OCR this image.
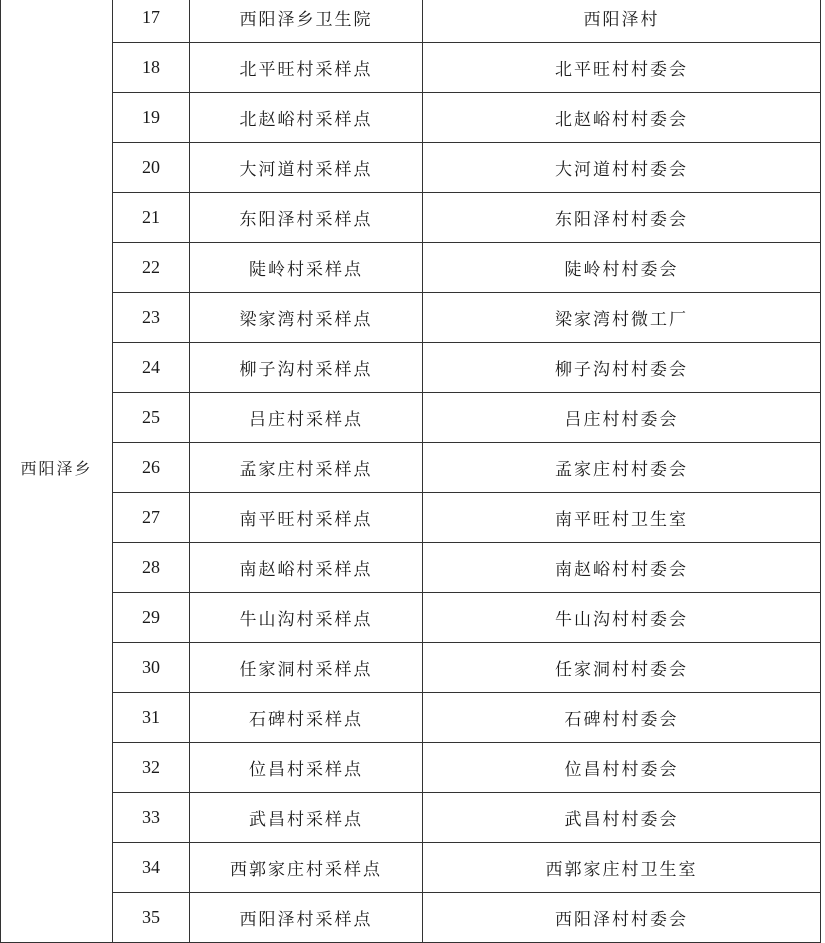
西阳泽乡	17	西阳泽乡卫生院	西阳泽村
	18	北平旺村采样点	北平旺村村委会
	19	北赵峪村采样点	北赵峪村村委会
	20	大河道村采样点	大河道村村委会
	21	东阳泽村采样点	东阳泽村村委会
	22	陡岭村采样点	陡岭村村委会
	23	梁家湾村采样点	梁家湾村微工厂
	24	柳子沟村采样点	柳子沟村村委会
	25	吕庄村采样点	吕庄村村委会
	26	孟家庄村采样点	孟家庄村村委会
	27	南平旺村采样点	南平旺村卫生室
	28	南赵峪村采样点	南赵峪村村委会
	29	牛山沟村采样点	牛山沟村村委会
	30	任家洞村采样点	任家洞村村委会
	31	石碑村采样点	石碑村村委会
	32	位昌村采样点	位昌村村委会
	33	武昌村采样点	武昌村村委会
	34	西郭家庄村采样点	西郭家庄村卫生室
	35	西阳泽村采样点	西阳泽村村委会
